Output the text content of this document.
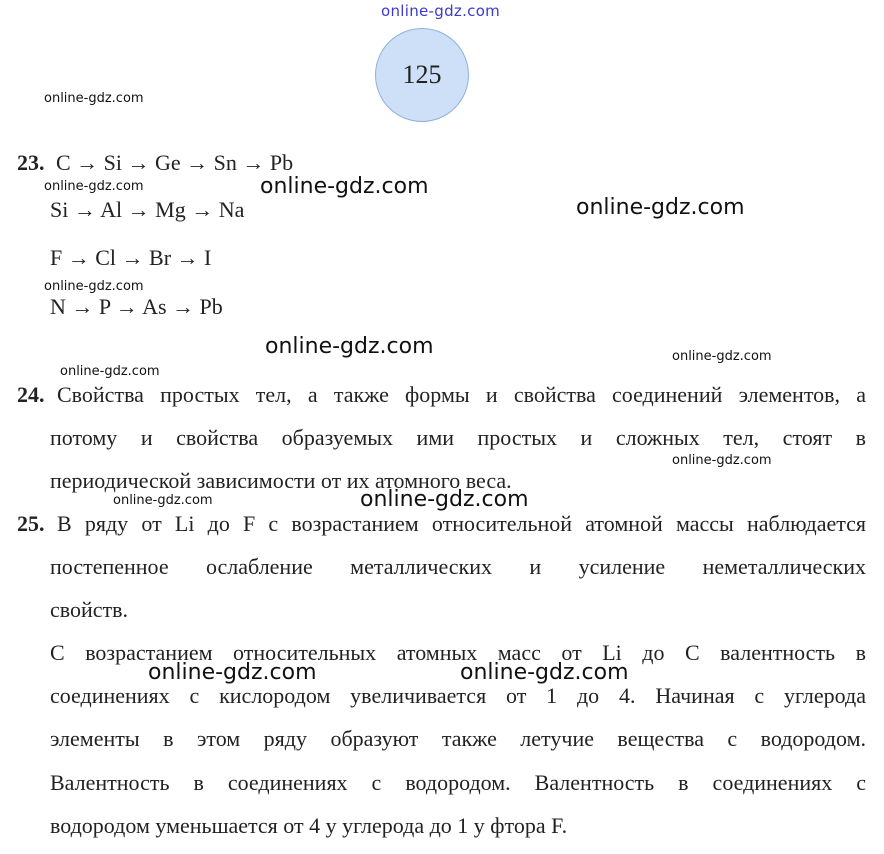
online-gdz.com
online-gdz.com
online-gdz.com	online-gdz.com
online-gdz.com
online-gdz.com
online-gdz.com
online-gdz.com
online-gdz.com
online-gdz.com
online-gdz.com	online-gdz.com
online-gdz.com	online-gdz.com
125
23. C → Si → Ge → Sn → Pb
Si → Al → Mg → Na
F → Cl → Br → I
N → P → As → Pb
24. Свойства простых тел, а также формы и свойства соединений элементов, а
потому и свойства образуемых ими простых и сложных тел, стоят в
периодической зависимости от их атомного веса.
25. В ряду от Li до F с возрастанием относительной атомной массы наблюдается
постепенное ослабление металлических и усиление неметаллических
свойств.
С возрастанием относительных атомных масс от Li до C валентность в
соединениях с кислородом увеличивается от 1 до 4. Начиная с углерода
элементы в этом ряду образуют также летучие вещества с водородом.
Валентность в соединениях с водородом. Валентность в соединениях с
водородом уменьшается от 4 у углерода до 1 у фтора F.
